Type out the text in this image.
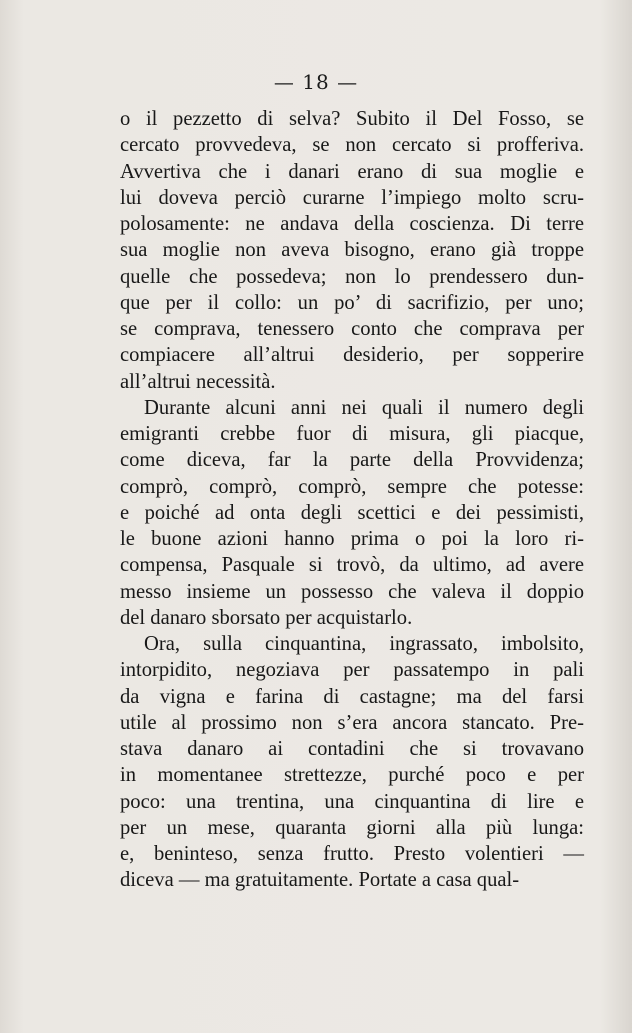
— 18 —

o il pezzetto di selva? Subito il Del Fosso, se
cercato provvedeva, se non cercato si profferiva.
Avvertiva che i danari erano di sua moglie e
lui doveva perciò curarne l’impiego molto scru-
polosamente: ne andava della coscienza. Di terre
sua moglie non aveva bisogno, erano già troppe
quelle che possedeva; non lo prendessero dun-
que per il collo: un po’ di sacrifizio, per uno;
se comprava, tenessero conto che comprava per
compiacere all’altrui desiderio, per sopperire
all’altrui necessità.

Durante alcuni anni nei quali il numero degli
emigranti crebbe fuor di misura, gli piacque,
come diceva, far la parte della Provvidenza;
comprò, comprò, comprò, sempre che potesse:
e poiché ad onta degli scettici e dei pessimisti,
le buone azioni hanno prima o poi la loro ri-
compensa, Pasquale si trovò, da ultimo, ad avere
messo insieme un possesso che valeva il doppio
del danaro sborsato per acquistarlo.

Ora, sulla cinquantina, ingrassato, imbolsito,
intorpidito, negoziava per passatempo in pali
da vigna e farina di castagne; ma del farsi
utile al prossimo non s’era ancora stancato. Pre-
stava danaro ai contadini che si trovavano
in momentanee strettezze, purché poco e per
poco: una trentina, una cinquantina di lire e
per un mese, quaranta giorni alla più lunga:
e, beninteso, senza frutto. Presto volentieri —
diceva — ma gratuitamente. Portate a casa qual-
